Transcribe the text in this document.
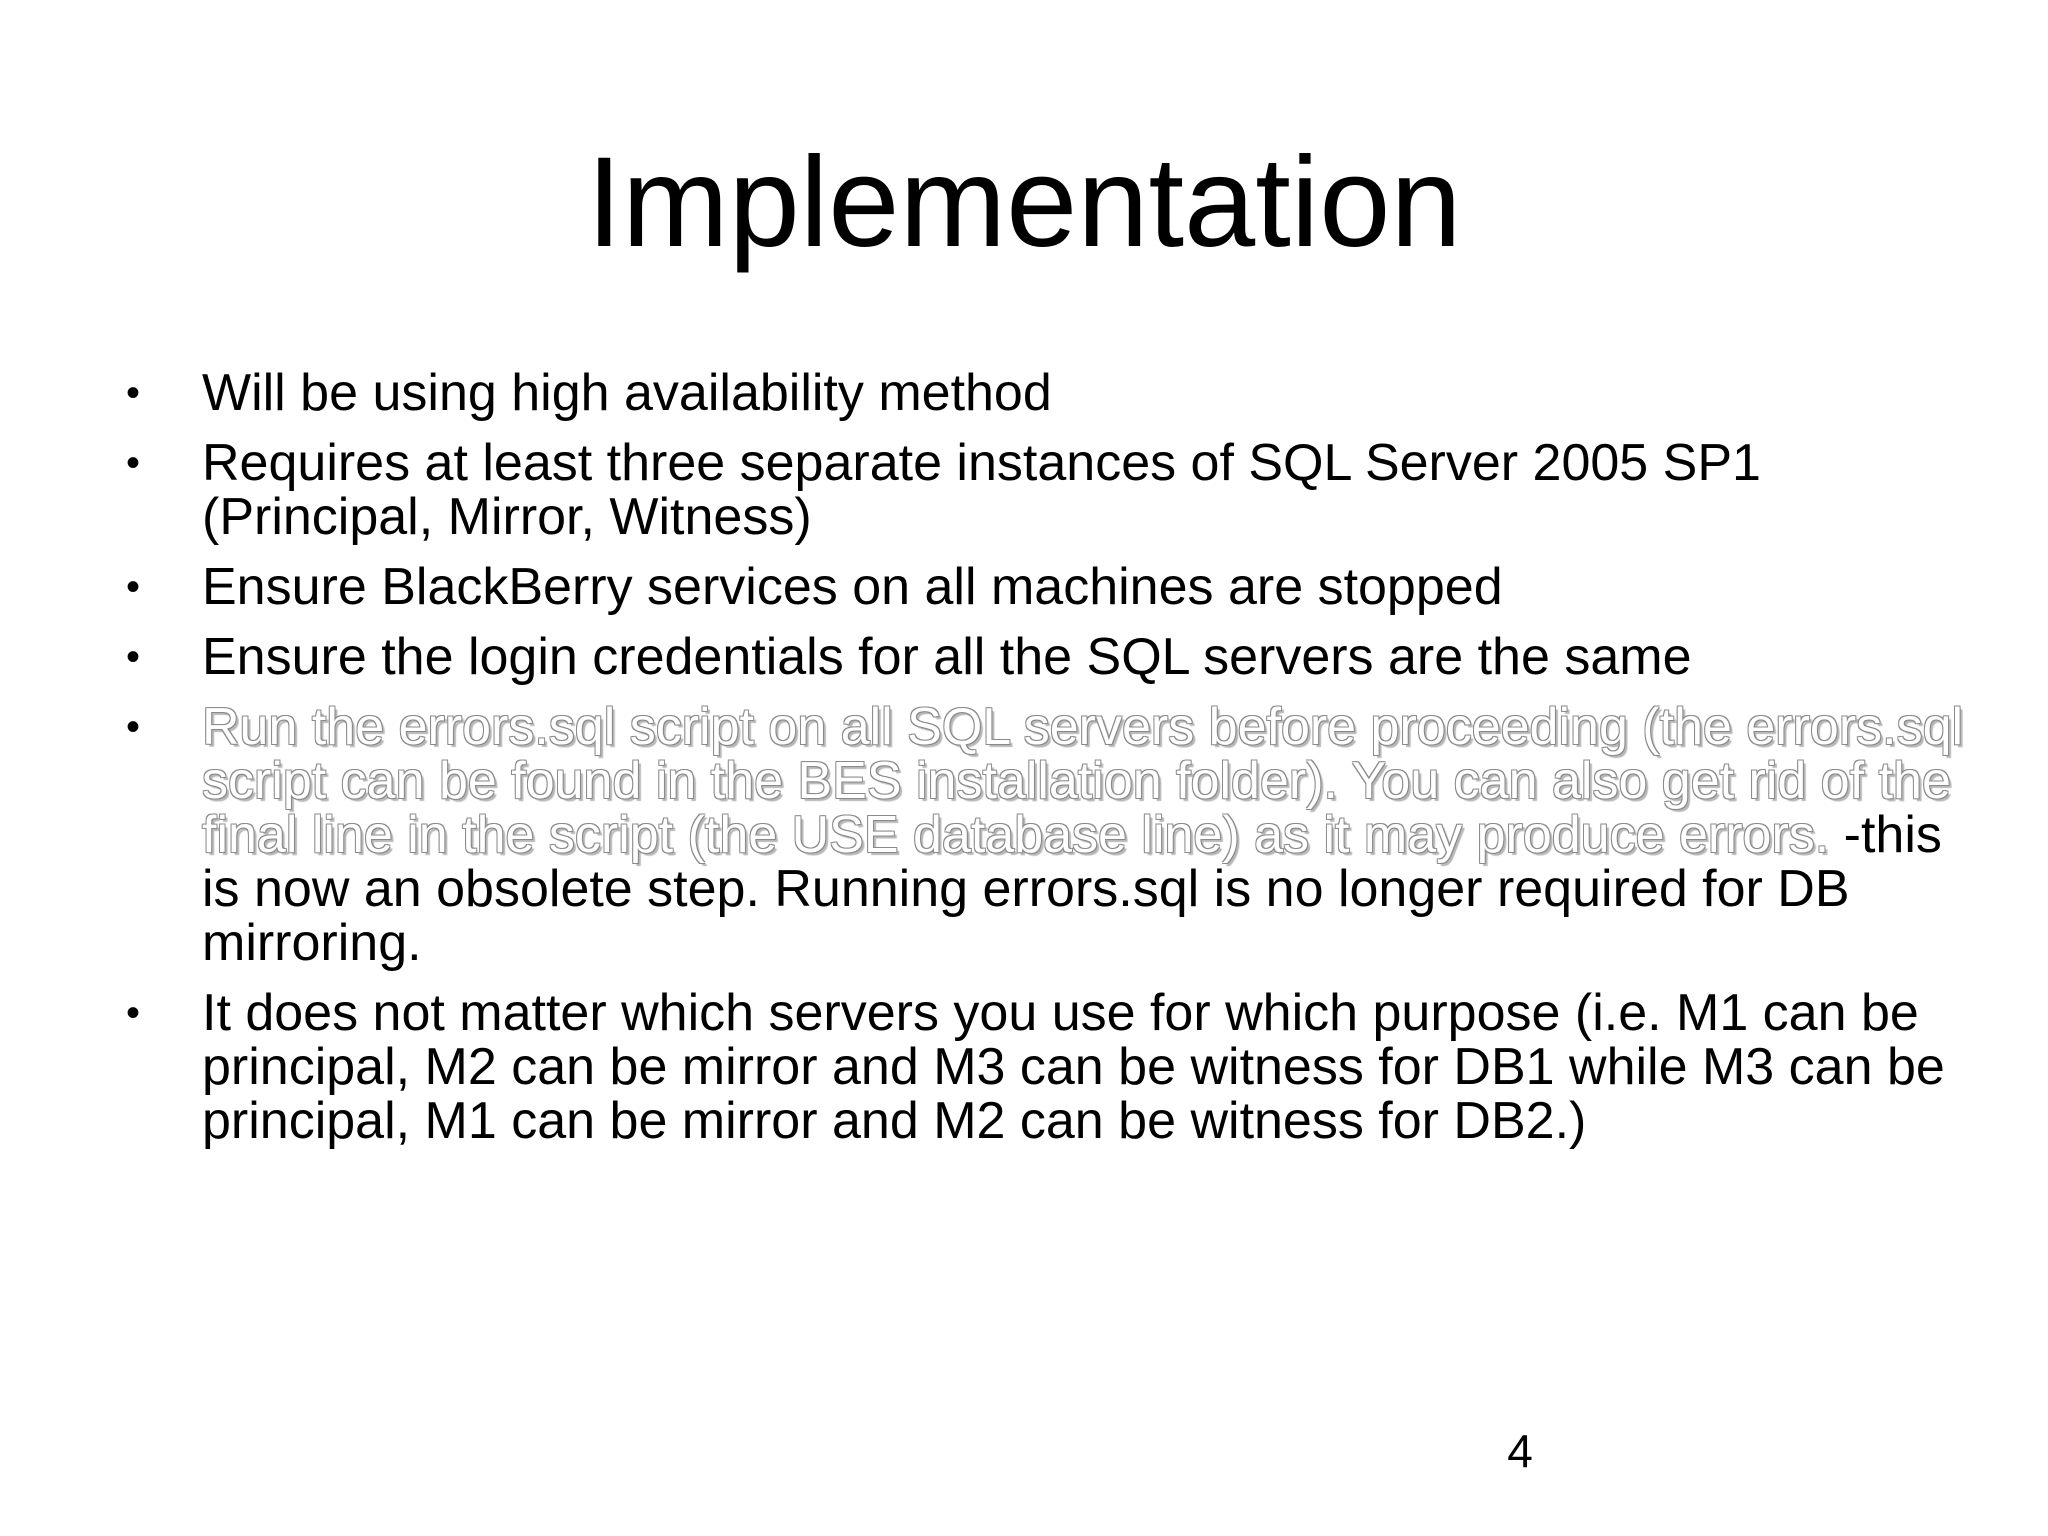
Implementation
• Will be using high availability method
• Requires at least three separate instances of SQL Server 2005 SP1 (Principal, Mirror, Witness)
• Ensure BlackBerry services on all machines are stopped
• Ensure the login credentials for all the SQL servers are the same
• Run the errors.sql script on all SQL servers before proceeding (the errors.sql script can be found in the BES installation folder). You can also get rid of the final line in the script (the USE database line) as it may produce errors. -this is now an obsolete step. Running errors.sql is no longer required for DB mirroring.
• It does not matter which servers you use for which purpose (i.e. M1 can be principal, M2 can be mirror and M3 can be witness for DB1 while M3 can be principal, M1 can be mirror and M2 can be witness for DB2.)
4
